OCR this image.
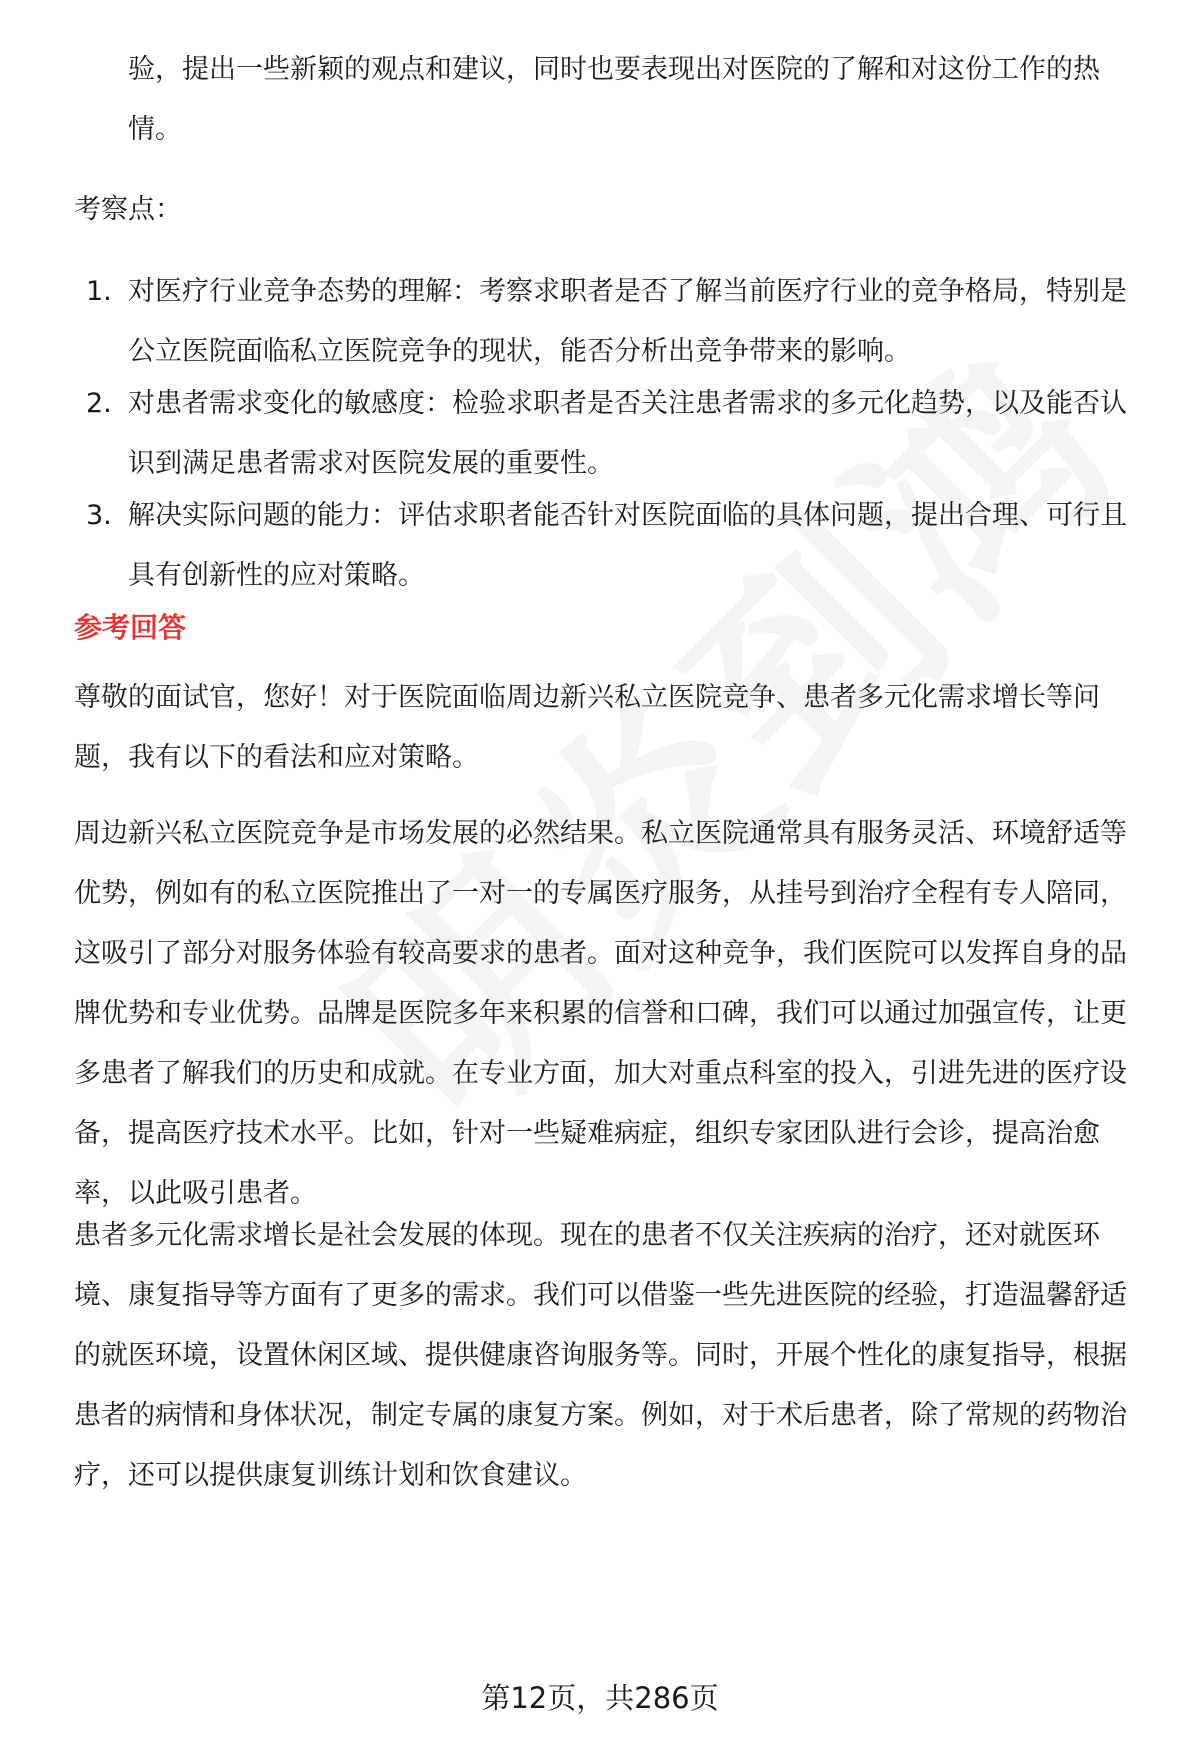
验，提出一些新颖的观点和建议，同时也要表现出对医院的了解和对这份工作的热情。
考察点：
1. 对医疗行业竞争态势的理解：考察求职者是否了解当前医疗行业的竞争格局，特别是公立医院面临私立医院竞争的现状，能否分析出竞争带来的影响。
2. 对患者需求变化的敏感度：检验求职者是否关注患者需求的多元化趋势，以及能否认识到满足患者需求对医院发展的重要性。
3. 解决实际问题的能力：评估求职者能否针对医院面临的具体问题，提出合理、可行且具有创新性的应对策略。
参考回答
尊敬的面试官，您好！对于医院面临周边新兴私立医院竞争、患者多元化需求增长等问题，我有以下的看法和应对策略。
周边新兴私立医院竞争是市场发展的必然结果。私立医院通常具有服务灵活、环境舒适等优势，例如有的私立医院推出了一对一的专属医疗服务，从挂号到治疗全程有专人陪同，这吸引了部分对服务体验有较高要求的患者。面对这种竞争，我们医院可以发挥自身的品牌优势和专业优势。品牌是医院多年来积累的信誉和口碑，我们可以通过加强宣传，让更多患者了解我们的历史和成就。在专业方面，加大对重点科室的投入，引进先进的医疗设备，提高医疗技术水平。比如，针对一些疑难病症，组织专家团队进行会诊，提高治愈率，以此吸引患者。
患者多元化需求增长是社会发展的体现。现在的患者不仅关注疾病的治疗，还对就医环境、康复指导等方面有了更多的需求。我们可以借鉴一些先进医院的经验，打造温馨舒适的就医环境，设置休闲区域、提供健康咨询服务等。同时，开展个性化的康复指导，根据患者的病情和身体状况，制定专属的康复方案。例如，对于术后患者，除了常规的药物治疗，还可以提供康复训练计划和饮食建议。
第12页，共286页
